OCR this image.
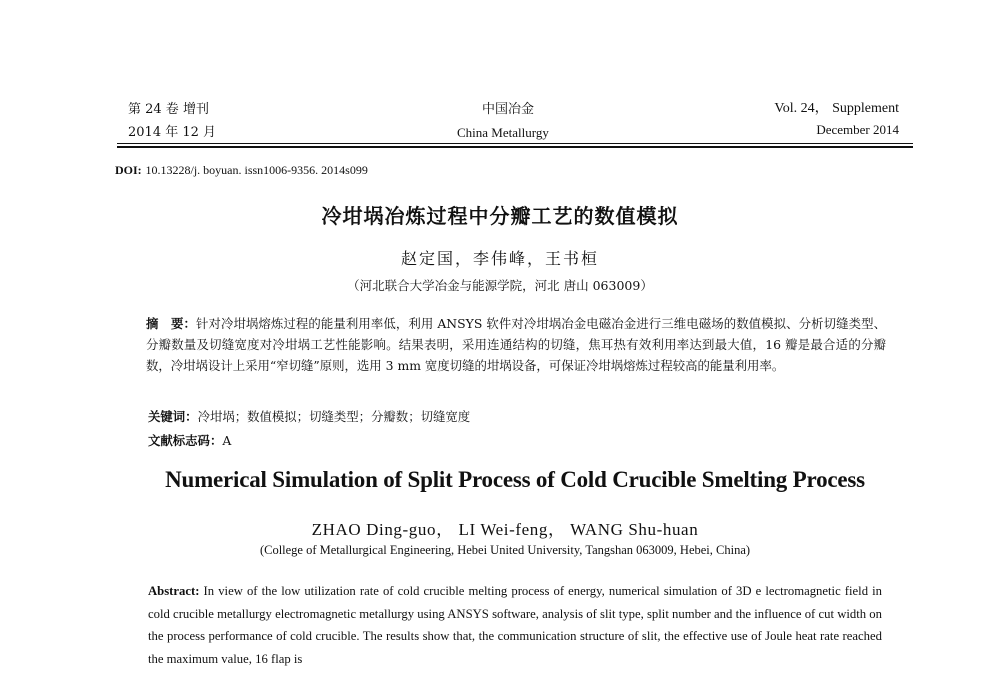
第 24 卷 增刊
2014 年 12 月
中国冶金
China Metallurgy
Vol. 24， Supplement
December 2014
DOI: 10.13228/j. boyuan. issn1006-9356. 2014s099
冷坩埚冶炼过程中分瓣工艺的数值模拟
赵定国，李伟峰，王书桓
（河北联合大学冶金与能源学院，河北 唐山 063009）
摘　要：针对冷坩埚熔炼过程的能量利用率低，利用 ANSYS 软件对冷坩埚冶金电磁冶金进行三维电磁场的数值模拟、分析切缝类型、分瓣数量及切缝宽度对冷坩埚工艺性能影响。结果表明，采用连通结构的切缝，焦耳热有效利用率达到最大值，16 瓣是最合适的分瓣数，冷坩埚设计上采用“窄切缝”原则，选用 3 mm 宽度切缝的坩埚设备，可保证冷坩埚熔炼过程较高的能量利用率。
关键词：冷坩埚；数值模拟；切缝类型；分瓣数；切缝宽度
文献标志码：A
Numerical Simulation of Split Process of Cold Crucible Smelting Process
ZHAO Ding-guo， LI Wei-feng， WANG Shu-huan
(College of Metallurgical Engineering, Hebei United University, Tangshan 063009, Hebei, China)
Abstract: In view of the low utilization rate of cold crucible melting process of energy, numerical simulation of 3D e lectromagnetic field in cold crucible metallurgy electromagnetic metallurgy using ANSYS software, analysis of slit type, split number and the influence of cut width on the process performance of cold crucible. The results show that, the communication structure of slit, the effective use of Joule heat rate reached the maximum value, 16 flap is
